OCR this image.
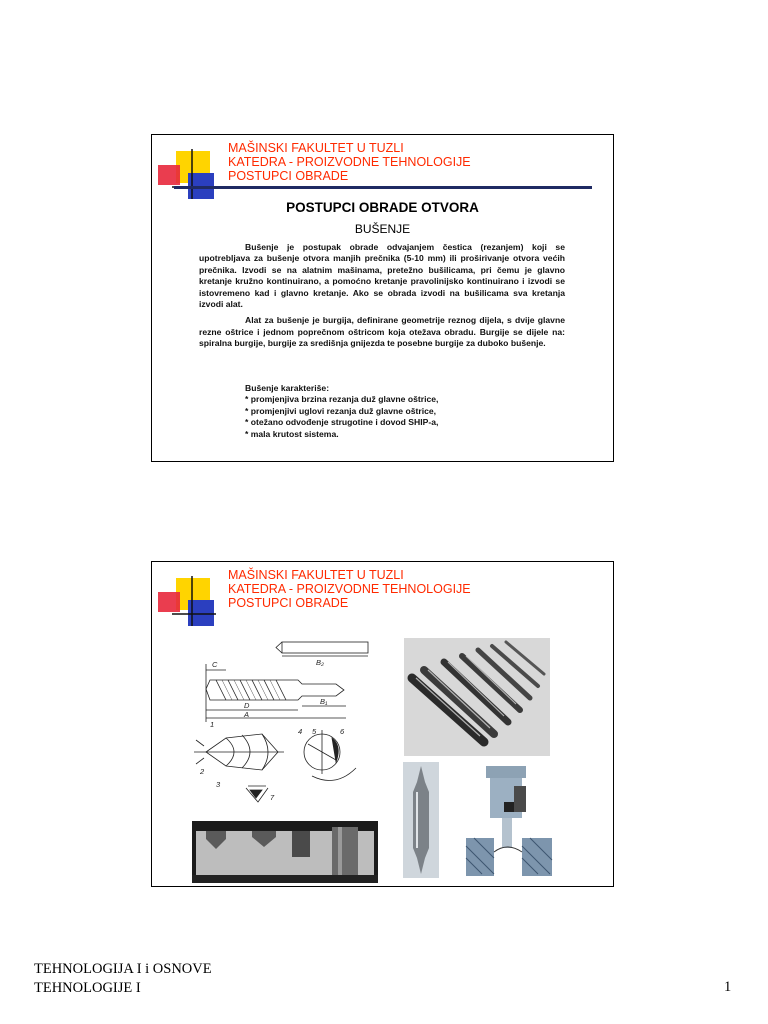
MAŠINSKI FAKULTET U TUZLI
KATEDRA - PROIZVODNE TEHNOLOGIJE
POSTUPCI OBRADE
POSTUPCI OBRADE OTVORA
BUŠENJE

Bušenje je postupak obrade odvajanjem čestica (rezanjem) koji se upotrebljava za bušenje otvora manjih prečnika (5-10 mm) ili proširivanje otvora većih prečnika. Izvodi se na alatnim mašinama, pretežno bušilicama, pri čemu je glavno kretanje kružno kontinuirano, a pomoćno kretanje pravolinijsko kontinuirano i izvodi se istovremeno kad i glavno kretanje. Ako se obrada izvodi na bušilicama sva kretanja izvodi alat.

Alat za bušenje je burgija, definirane geometrije reznog dijela, s dvije glavne rezne oštrice i jednom poprečnom oštricom koja otežava obradu. Burgije se dijele na: spiralna burgije, burgije za središnja gnijezda te posebne burgije za duboko bušenje.

Bušenje karakteriše:
* promjenjiva brzina rezanja duž glavne oštrice,
* promjenjivi uglovi rezanja duž glavne oštrice,
* otežano odvođenje strugotine i dovod SHIP-a,
* mala krutost sistema.
MAŠINSKI FAKULTET U TUZLI
KATEDRA - PROIZVODNE TEHNOLOGIJE
POSTUPCI OBRADE
C	B₂
D
A
B₁
1
2
3
4 5	6
7
TEHNOLOGIJA I i OSNOVE
TEHNOLOGIJE I	1
